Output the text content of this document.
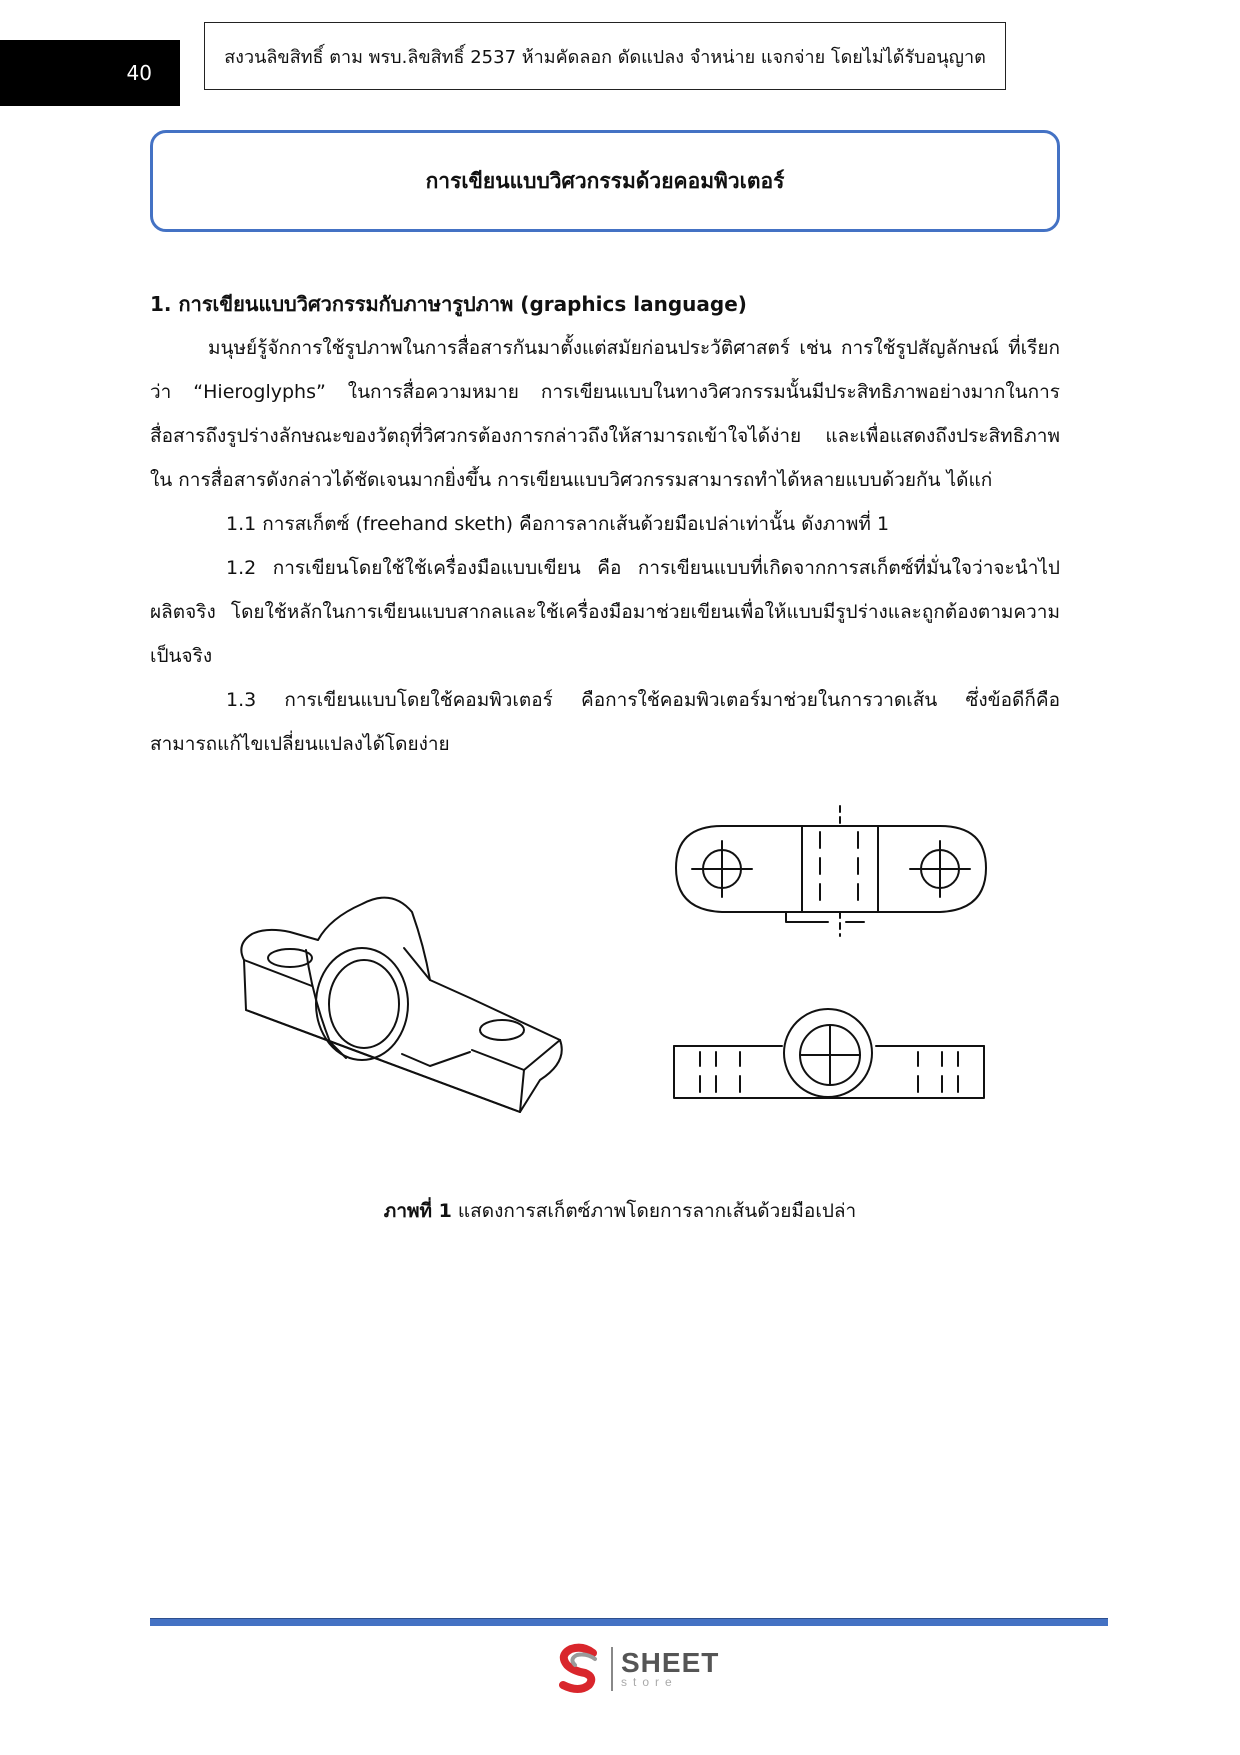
40
สงวนลิขสิทธิ์ ตาม พรบ.ลิขสิทธิ์ 2537 ห้ามคัดลอก ดัดแปลง จำหน่าย แจกจ่าย โดยไม่ได้รับอนุญาต
การเขียนแบบวิศวกรรมด้วยคอมพิวเตอร์

1. การเขียนแบบวิศวกรรมกับภาษารูปภาพ (graphics language)

มนุษย์รู้จักการใช้รูปภาพในการสื่อสารกันมาตั้งแต่สมัยก่อนประวัติศาสตร์ เช่น การใช้รูปสัญลักษณ์ ที่เรียกว่า “Hieroglyphs” ในการสื่อความหมาย การเขียนแบบในทางวิศวกรรมนั้นมีประสิทธิภาพอย่างมากในการสื่อสารถึงรูปร่างลักษณะของวัตถุที่วิศวกรต้องการกล่าวถึงให้สามารถเข้าใจได้ง่าย และเพื่อแสดงถึงประสิทธิภาพใน การสื่อสารดังกล่าวได้ชัดเจนมากยิ่งขึ้น การเขียนแบบวิศวกรรมสามารถทำได้หลายแบบด้วยกัน ได้แก่

1.1 การสเก็ตซ์ (freehand sketh) คือการลากเส้นด้วยมือเปล่าเท่านั้น ดังภาพที่ 1

1.2 การเขียนโดยใช้ใช้เครื่องมือแบบเขียน คือ การเขียนแบบที่เกิดจากการสเก็ตซ์ที่มั่นใจว่าจะนำไปผลิตจริง โดยใช้หลักในการเขียนแบบสากลและใช้เครื่องมือมาช่วยเขียนเพื่อให้แบบมีรูปร่างและถูกต้องตามความเป็นจริง

1.3 การเขียนแบบโดยใช้คอมพิวเตอร์ คือการใช้คอมพิวเตอร์มาช่วยในการวาดเส้น ซึ่งข้อดีก็คือสามารถแก้ไขเปลี่ยนแปลงได้โดยง่าย

ภาพที่ 1 แสดงการสเก็ตซ์ภาพโดยการลากเส้นด้วยมือเปล่า
SHEET
store
